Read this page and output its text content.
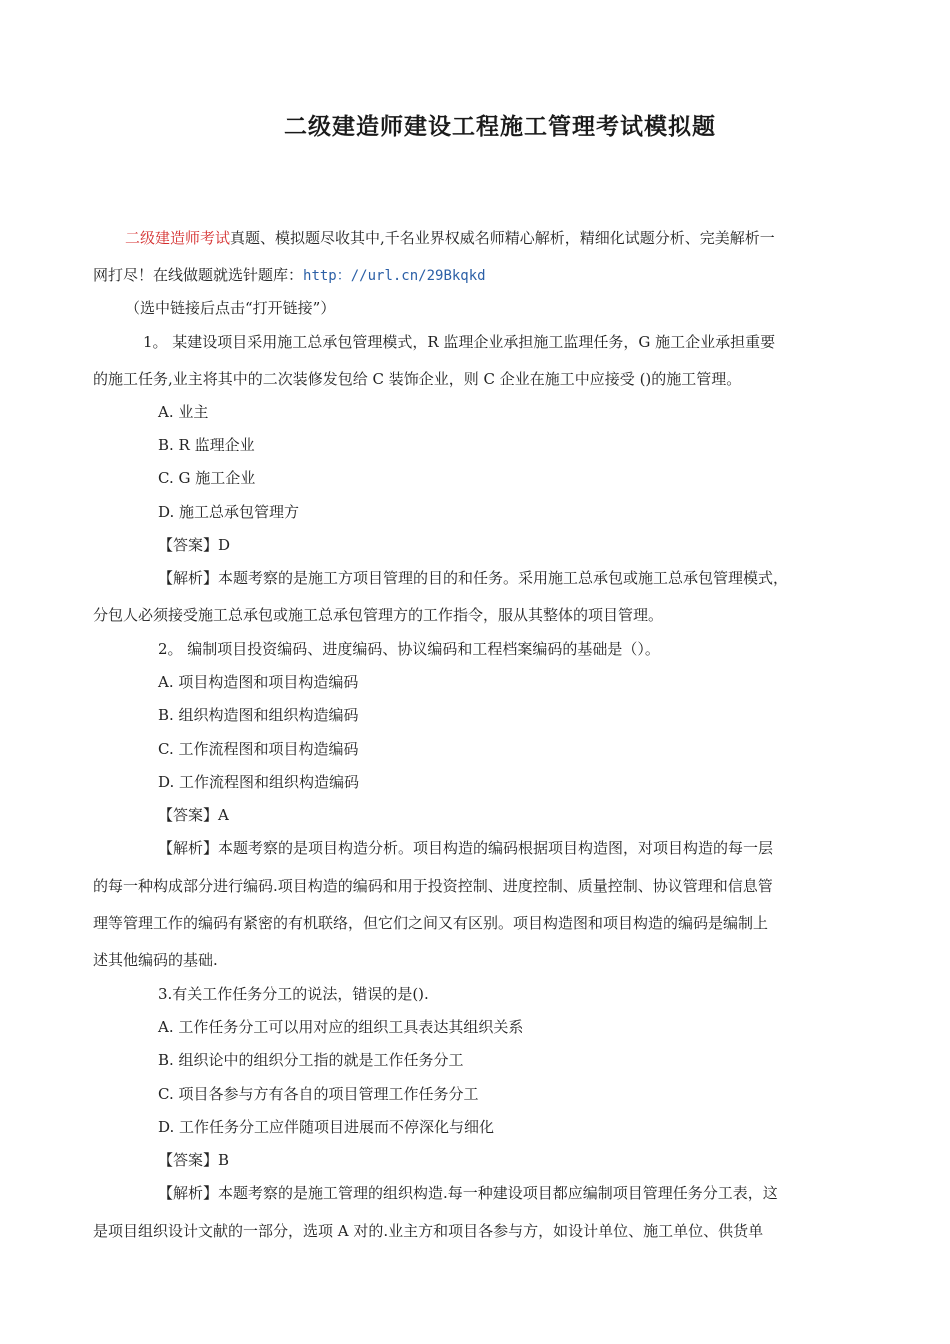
二级建造师建设工程施工管理考试模拟题
二级建造师考试真题、模拟题尽收其中,千名业界权威名师精心解析，精细化试题分析、完美解析一
网打尽！在线做题就选针题库：http：//url.cn/29Bkqkd
（选中链接后点击“打开链接”）
1。 某建设项目采用施工总承包管理模式，R 监理企业承担施工监理任务，G 施工企业承担重要
的施工任务,业主将其中的二次装修发包给 C 装饰企业，则 C 企业在施工中应接受 ()的施工管理。
A. 业主
B. R 监理企业
C. G 施工企业
D. 施工总承包管理方
【答案】D
【解析】本题考察的是施工方项目管理的目的和任务。采用施工总承包或施工总承包管理模式，
分包人必须接受施工总承包或施工总承包管理方的工作指令，服从其整体的项目管理。
2。 编制项目投资编码、进度编码、协议编码和工程档案编码的基础是（）。
A. 项目构造图和项目构造编码
B. 组织构造图和组织构造编码
C. 工作流程图和项目构造编码
D. 工作流程图和组织构造编码
【答案】A
【解析】本题考察的是项目构造分析。项目构造的编码根据项目构造图，对项目构造的每一层
的每一种构成部分进行编码.项目构造的编码和用于投资控制、进度控制、质量控制、协议管理和信息管
理等管理工作的编码有紧密的有机联络，但它们之间又有区别。项目构造图和项目构造的编码是编制上
述其他编码的基础.
3.有关工作任务分工的说法，错误的是().
A. 工作任务分工可以用对应的组织工具表达其组织关系
B. 组织论中的组织分工指的就是工作任务分工
C. 项目各参与方有各自的项目管理工作任务分工
D. 工作任务分工应伴随项目进展而不停深化与细化
【答案】B
【解析】本题考察的是施工管理的组织构造.每一种建设项目都应编制项目管理任务分工表，这
是项目组织设计文献的一部分，选项 A 对的.业主方和项目各参与方，如设计单位、施工单位、供货单
